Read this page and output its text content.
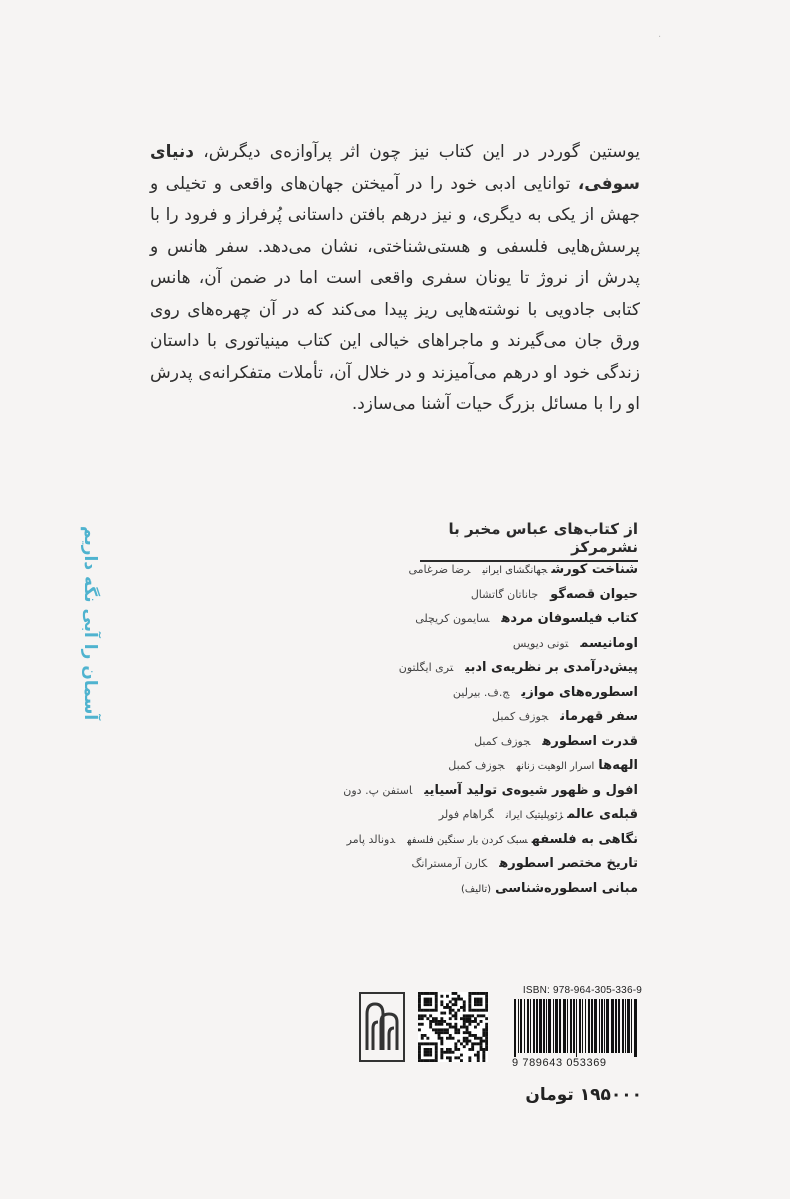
·

یوستین گوردر در این کتاب نیز چون اثر پرآوازه‌ی دیگرش، دنیای سوفی، توانایی ادبی خود را در آمیختن جهان‌های واقعی و تخیلی و جهش از یکی به دیگری، و نیز درهم بافتن داستانی پُرفراز و فرود را با پرسش‌هایی فلسفی و هستی‌شناختی، نشان می‌دهد. سفر هانس و پدرش از نروژ تا یونان سفری واقعی است اما در ضمن آن، هانس کتابی جادویی با نوشته‌هایی ریز پیدا می‌کند که در آن چهره‌های روی ورق جان می‌گیرند و ماجراهای خیالی این کتاب مینیاتوری با داستان زندگی خود او درهم می‌آمیزند و در خلال آن، تأملات متفکرانه‌ی پدرش او را با مسائل بزرگ حیات آشنا می‌سازد.

آسمان را آبی نگه داریم	از کتاب‌های عباس مخبر با نشرمرکز
شناخت کورشجهانگشای ایرانیرضا ضرغامی
حیوان قصه‌گوجاناتان گاتشال
کتاب فیلسوفان مردهسایمون کریچلی
اومانیسمتونی دیویس
پیش‌درآمدی بر نظریه‌ی ادبیتری ایگلتون
اسطوره‌های موازیج.ف. بیرلین
سفر قهرمانجوزف کمبل
قدرت اسطورهجوزف کمبل
الهه‌هااسرار الوهیت زنانهجوزف کمبل
افول و ظهور شیوه‌ی تولید آسیاییاستفن پ. دون
قبله‌ی عالمژئوپلیتیک ایرانگراهام فولر
نگاهی به فلسفهسبک کردن بار سنگین فلسفهدونالد پامر
تاریخ مختصر اسطورهکارن آرمسترانگ
مبانی اسطوره‌شناسی(تالیف)
ISBN: 978-964-305-336-9
9 789643 053369
۱۹۵۰۰۰ تومان
